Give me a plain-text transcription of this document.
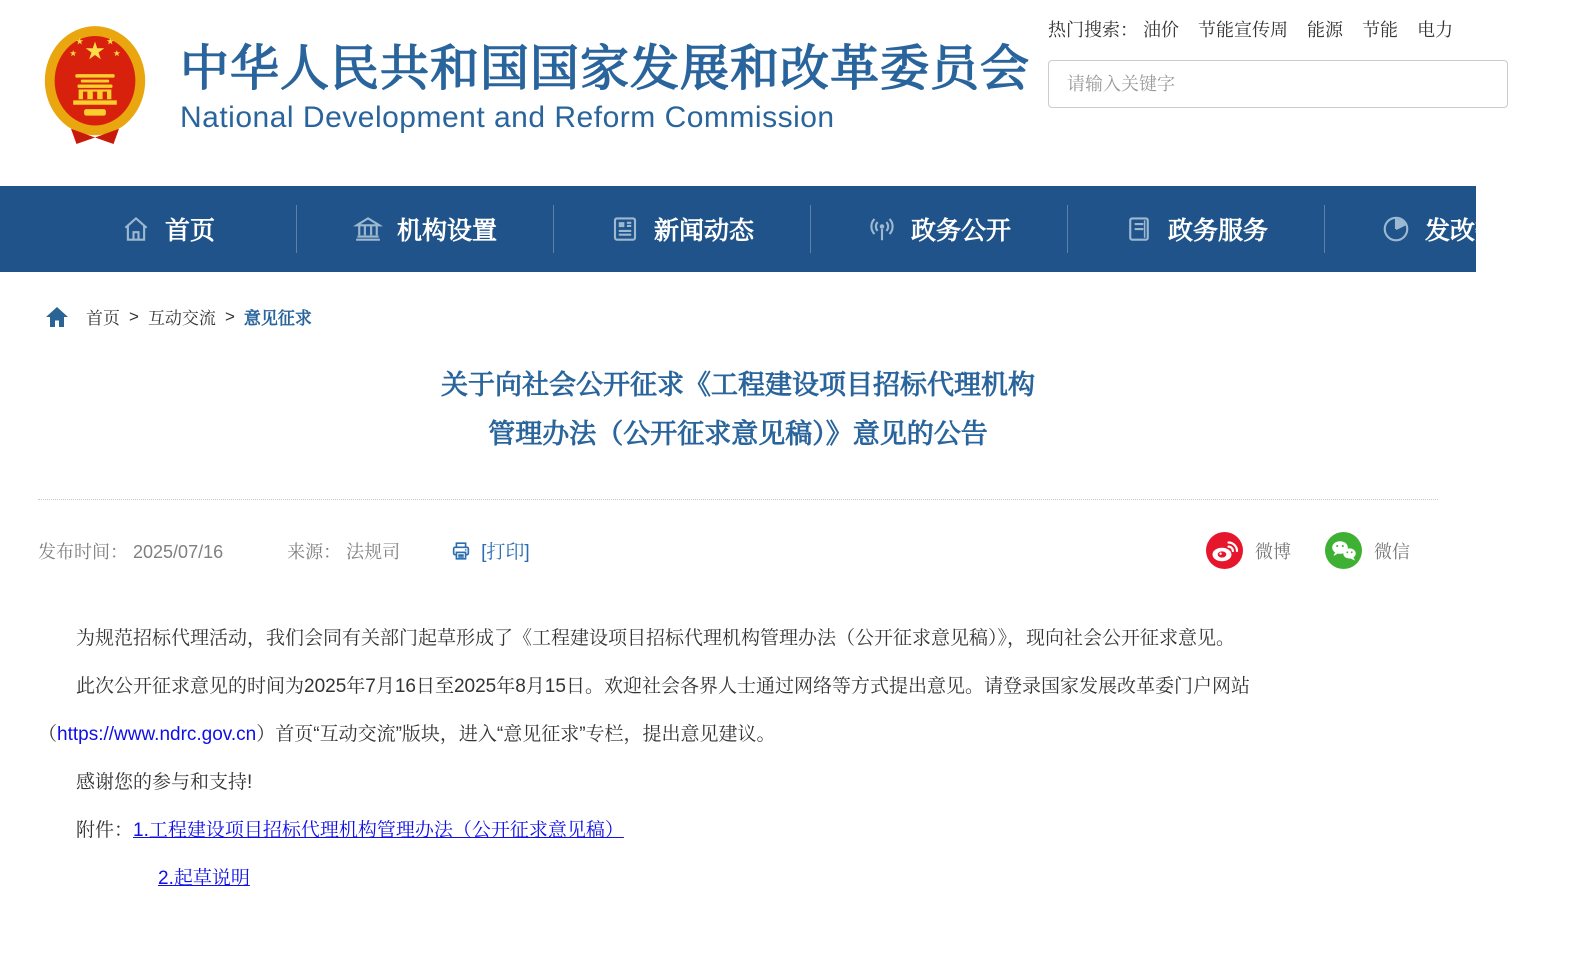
中华人民共和国国家发展和改革委员会
National Development and Reform Commission
热门搜索： 油价 节能宣传周 能源 节能 电力
请输入关键字
首页	机构设置	新闻动态	政务公开	政务服务	发改数据
首页 > 互动交流 > 意见征求
关于向社会公开征求《工程建设项目招标代理机构
管理办法（公开征求意见稿）》意见的公告
发布时间： 2025/07/16	来源： 法规司	[打印]	微博	微信

为规范招标代理活动，我们会同有关部门起草形成了《工程建设项目招标代理机构管理办法（公开征求意见稿）》，现向社会公开征求意见。

此次公开征求意见的时间为2025年7月16日至2025年8月15日。欢迎社会各界人士通过网络等方式提出意见。请登录国家发展改革委门户网站（https://www.ndrc.gov.cn）首页“互动交流”版块，进入“意见征求”专栏，提出意见建议。

感谢您的参与和支持!

附件：1.工程建设项目招标代理机构管理办法（公开征求意见稿）

2.起草说明
